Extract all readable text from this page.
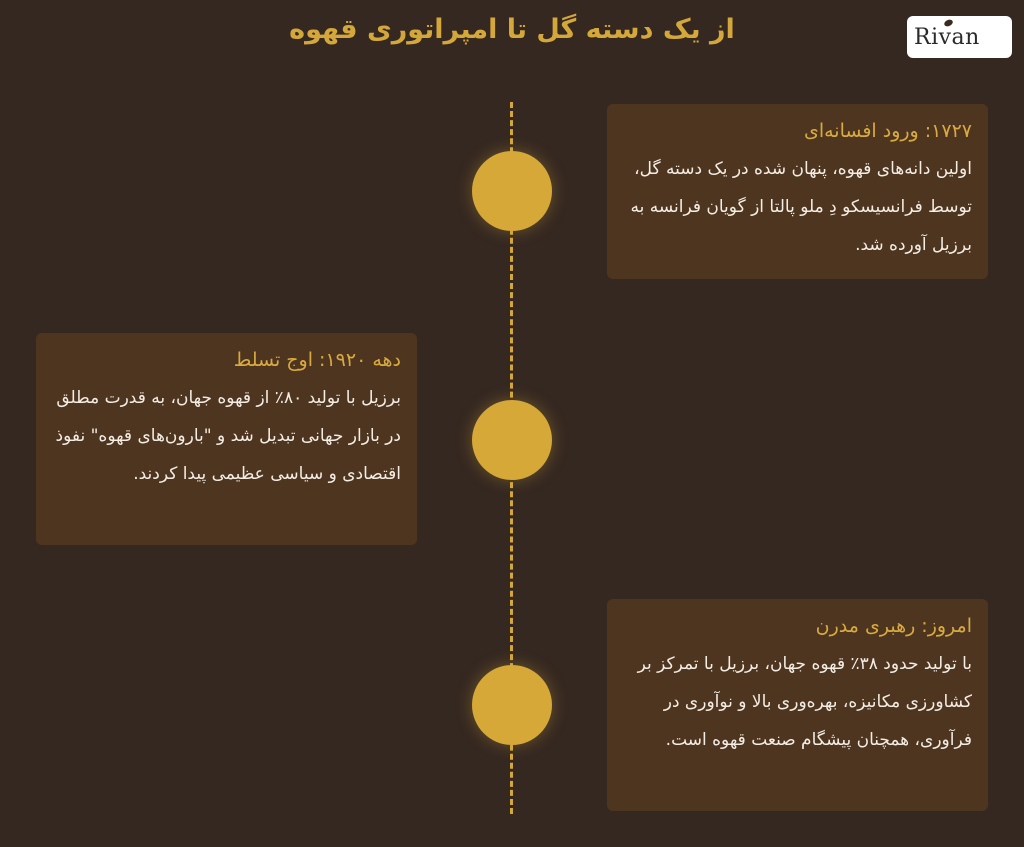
از یک دسته گل تا امپراتوری قهوه	Rivan
۱۷۲۷: ورود افسانه‌ای

اولین دانه‌های قهوه، پنهان شده در یک دسته گل، توسط فرانسیسکو دِ ملو پالتا از گویان فرانسه به برزیل آورده شد.

دهه ۱۹۲۰: اوج تسلط

برزیل با تولید ۸۰٪ از قهوه جهان، به قدرت مطلق در بازار جهانی تبدیل شد و "بارون‌های قهوه" نفوذ اقتصادی و سیاسی عظیمی پیدا کردند.

امروز: رهبری مدرن

با تولید حدود ۳۸٪ قهوه جهان، برزیل با تمرکز بر کشاورزی مکانیزه، بهره‌وری بالا و نوآوری در فرآوری، همچنان پیشگام صنعت قهوه است.
